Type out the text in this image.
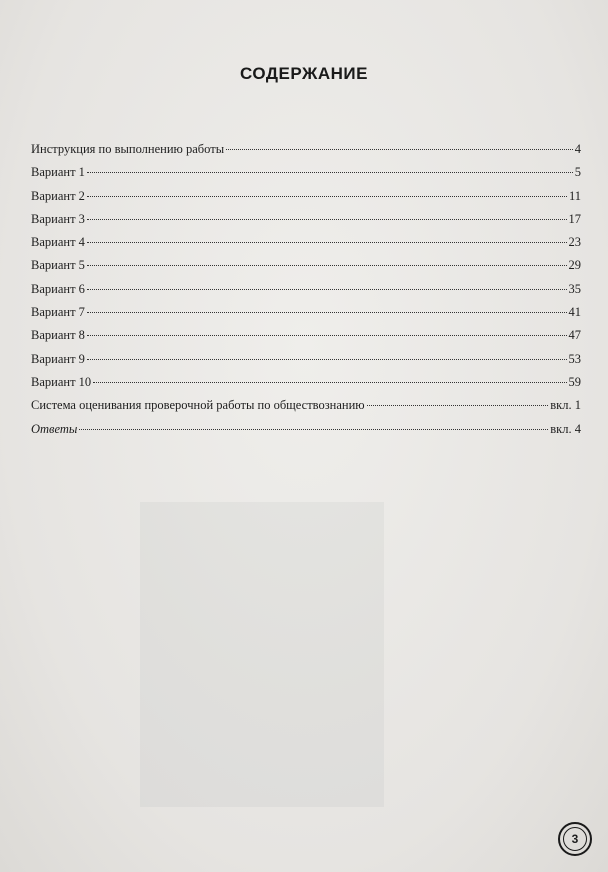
СОДЕРЖАНИЕ
Инструкция по выполнению работы	4
Вариант 1	5
Вариант 2	11
Вариант 3	17
Вариант 4	23
Вариант 5	29
Вариант 6	35
Вариант 7	41
Вариант 8	47
Вариант 9	53
Вариант 10	59
Система оценивания проверочной работы по обществознанию	вкл. 1
Ответы	вкл. 4
3
